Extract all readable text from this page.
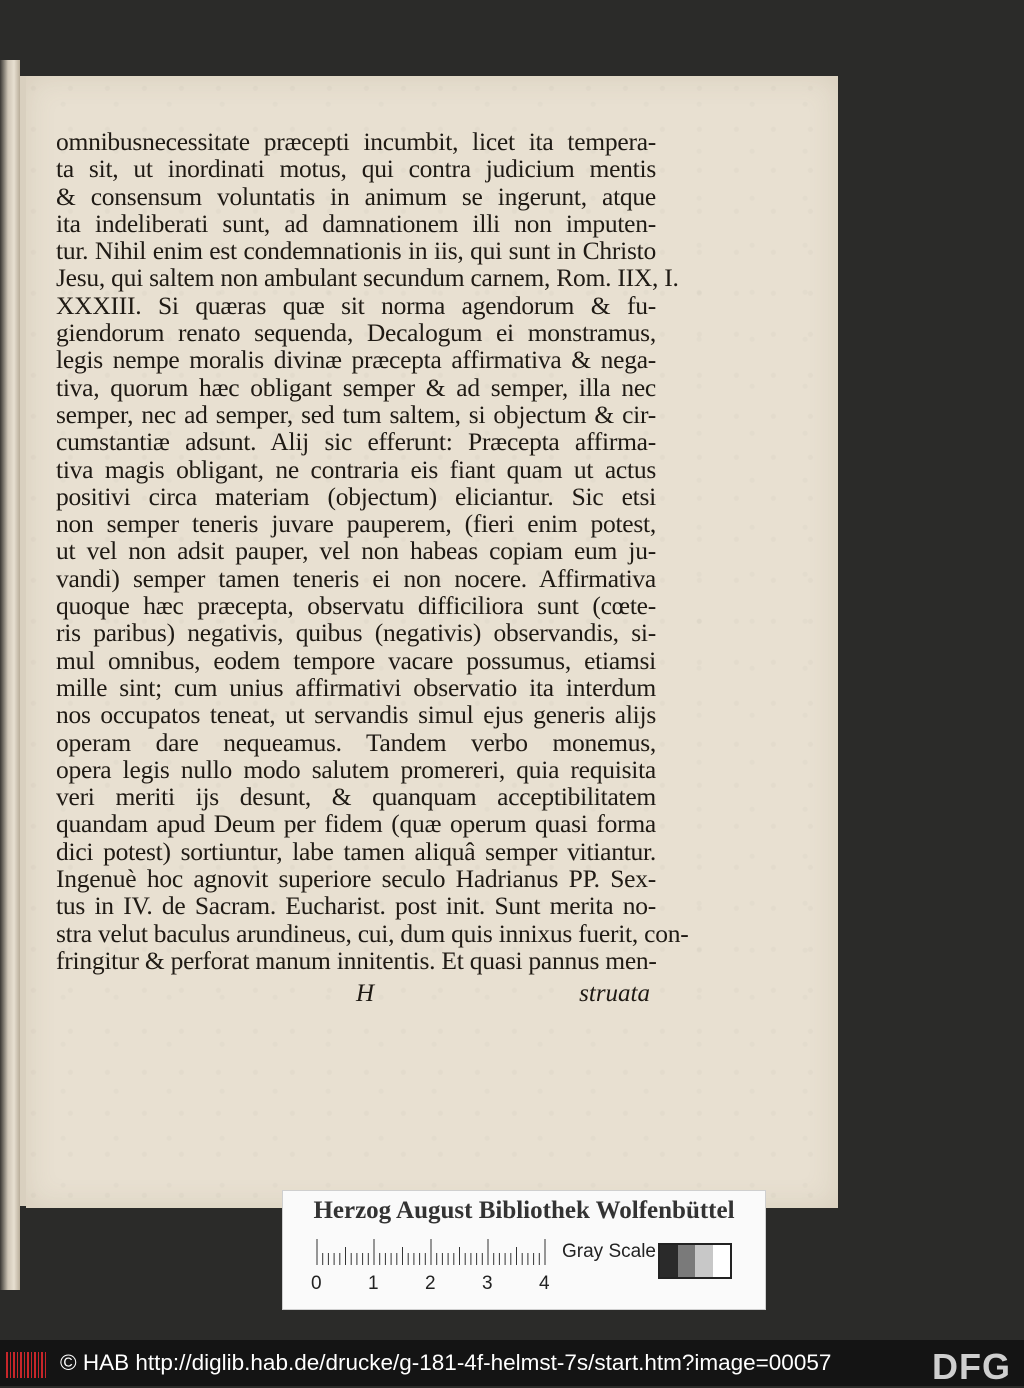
omnibusnecessitate præcepti incumbit, licet ita tempera-
ta sit, ut inordinati motus, qui contra judicium mentis
& consensum voluntatis in animum se ingerunt, atque
ita indeliberati sunt, ad damnationem illi non imputen-
tur. Nihil enim est condemnationis in iis, qui sunt in Christo
Jesu, qui saltem non ambulant secundum carnem, Rom. IIX, I.
XXXIII. Si quæras quæ sit norma agendorum & fu-
giendorum renato sequenda, Decalogum ei monstramus,
legis nempe moralis divinæ præcepta affirmativa & nega-
tiva, quorum hæc obligant semper & ad semper, illa nec
semper, nec ad semper, sed tum saltem, si objectum & cir-
cumstantiæ adsunt. Alij sic efferunt: Præcepta affirma-
tiva magis obligant, ne contraria eis fiant quam ut actus
positivi circa materiam (objectum) eliciantur. Sic etsi
non semper teneris juvare pauperem, (fieri enim potest,
ut vel non adsit pauper, vel non habeas copiam eum ju-
vandi) semper tamen teneris ei non nocere. Affirmativa
quoque hæc præcepta, observatu difficiliora sunt (cœte-
ris paribus) negativis, quibus (negativis) observandis, si-
mul omnibus, eodem tempore vacare possumus, etiamsi
mille sint; cum unius affirmativi observatio ita interdum
nos occupatos teneat, ut servandis simul ejus generis alijs
operam dare nequeamus. Tandem verbo monemus,
opera legis nullo modo salutem promereri, quia requisita
veri meriti ijs desunt, & quanquam acceptibilitatem
quandam apud Deum per fidem (quæ operum quasi forma
dici potest) sortiuntur, labe tamen aliquâ semper vitiantur.
Ingenuè hoc agnovit superiore seculo Hadrianus PP. Sex-
tus in IV. de Sacram. Eucharist. post init. Sunt merita no-
stra velut baculus arundineus, cui, dum quis innixus fuerit, con-
fringitur & perforat manum innitentis. Et quasi pannus men-
H	struata
Herzog August Bibliothek Wolfenbüttel
0 1 2 3 4
Gray Scale
© HAB http://diglib.hab.de/drucke/g-181-4f-helmst-7s/start.htm?image=00057	DFG
